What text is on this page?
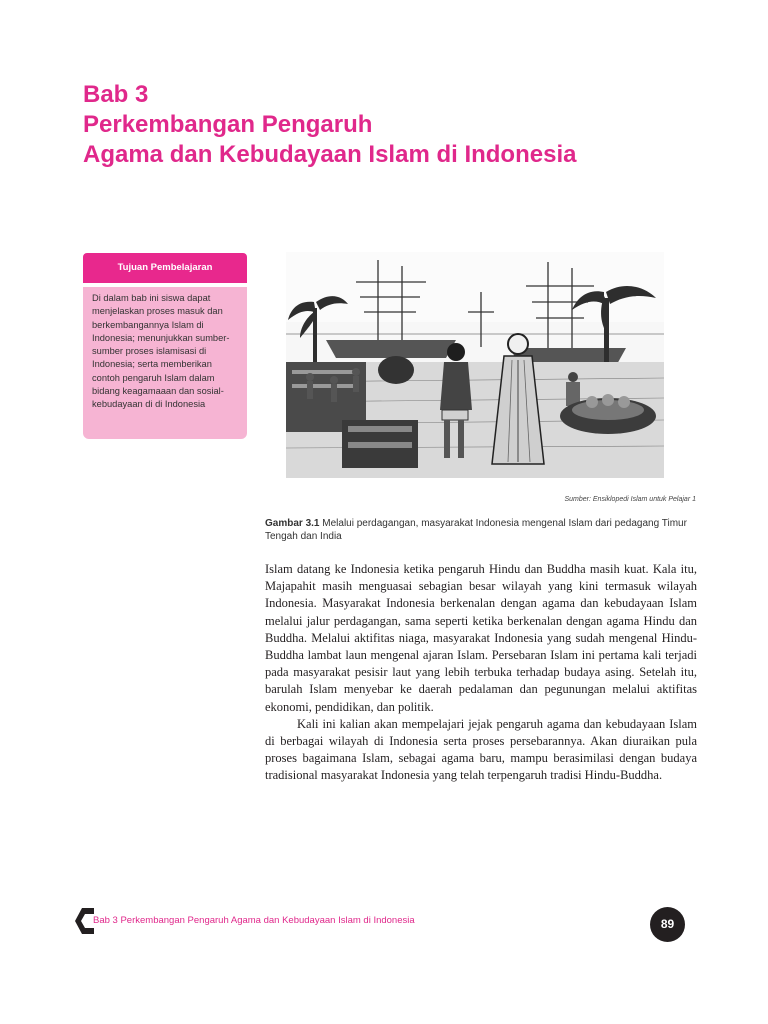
Bab 3
Perkembangan Pengaruh
Agama dan Kebudayaan Islam di Indonesia
Tujuan Pembelajaran
Di dalam bab ini siswa dapat menjelaskan proses masuk dan berkembangannya Islam di Indonesia; menunjukkan sumber-sumber proses islamisasi di Indonesia; serta memberikan contoh pengaruh Islam dalam bidang keagamaaan dan sosial-kebudayaan di di Indonesia
Sumber: Ensiklopedi Islam untuk Pelajar 1
Gambar 3.1 Melalui perdagangan, masyarakat Indonesia mengenal Islam dari pedagang Timur Tengah dan India

Islam datang ke Indonesia ketika pengaruh Hindu dan Buddha masih kuat. Kala itu, Majapahit masih menguasai sebagian besar wilayah yang kini termasuk wilayah Indonesia. Masyarakat Indonesia berkenalan dengan agama dan kebudayaan Islam melalui jalur perdagangan, sama seperti ketika berkenalan dengan agama Hindu dan Buddha. Melalui aktifitas niaga, masyarakat Indonesia yang sudah mengenal Hindu-Buddha lambat laun mengenal ajaran Islam. Persebaran Islam ini pertama kali terjadi pada masyarakat pesisir laut yang lebih terbuka terhadap budaya asing. Setelah itu, barulah Islam menyebar ke daerah pedalaman dan pegunungan melalui aktifitas ekonomi, pendidikan, dan politik.

Kali ini kalian akan mempelajari jejak pengaruh agama dan kebudayaan Islam di berbagai wilayah di Indonesia serta proses persebarannya. Akan diuraikan pula proses bagaimana Islam, sebagai agama baru, mampu berasimilasi dengan budaya tradisional masyarakat Indonesia yang telah terpengaruh tradisi Hindu-Buddha.

Bab 3 Perkembangan Pengaruh Agama dan Kebudayaan Islam di Indonesia	89
